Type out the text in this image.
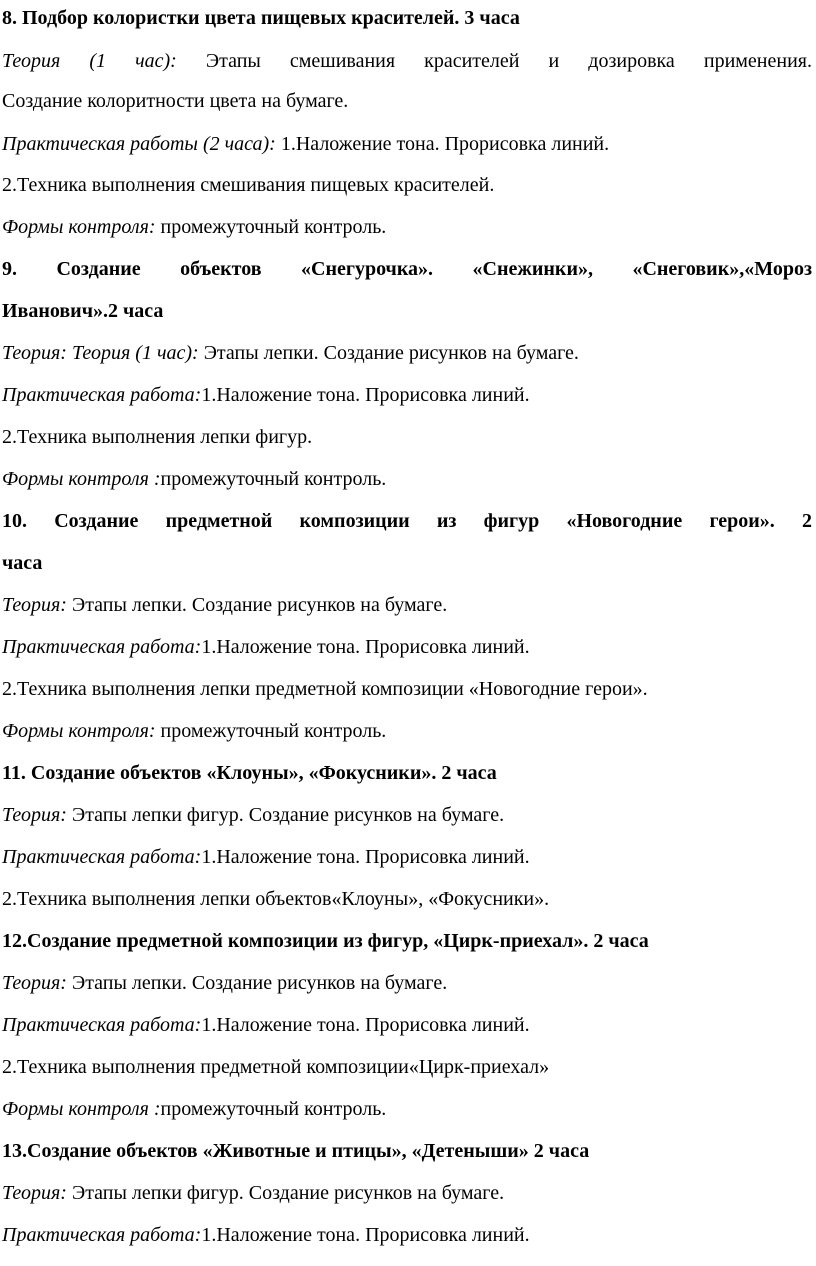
8. Подбор колористки цвета пищевых красителей. 3 часа
Теория (1 час): Этапы смешивания красителей и дозировка применения.
Создание колоритности цвета на бумаге.
Практическая работы (2 часа): 1.Наложение тона. Прорисовка линий.
2.Техника выполнения смешивания пищевых красителей.
Формы контроля: промежуточный контроль.
9. Создание объектов «Снегурочка». «Снежинки», «Снеговик»,«Мороз
Иванович».2 часа
Теория: Теория (1 час): Этапы лепки. Создание рисунков на бумаге.
Практическая работа:1.Наложение тона. Прорисовка линий.
2.Техника выполнения лепки фигур.
Формы контроля :промежуточный контроль.
10. Создание предметной композиции из фигур «Новогодние герои». 2
часа
Теория: Этапы лепки. Создание рисунков на бумаге.
Практическая работа:1.Наложение тона. Прорисовка линий.
2.Техника выполнения лепки предметной композиции «Новогодние герои».
Формы контроля: промежуточный контроль.
11. Создание объектов «Клоуны», «Фокусники». 2 часа
Теория: Этапы лепки фигур. Создание рисунков на бумаге.
Практическая работа:1.Наложение тона. Прорисовка линий.
2.Техника выполнения лепки объектов«Клоуны», «Фокусники».
12.Создание предметной композиции из фигур, «Цирк-приехал». 2 часа
Теория: Этапы лепки. Создание рисунков на бумаге.
Практическая работа:1.Наложение тона. Прорисовка линий.
2.Техника выполнения предметной композиции«Цирк-приехал»
Формы контроля :промежуточный контроль.
13.Создание объектов «Животные и птицы», «Детеныши» 2 часа
Теория: Этапы лепки фигур. Создание рисунков на бумаге.
Практическая работа:1.Наложение тона. Прорисовка линий.
